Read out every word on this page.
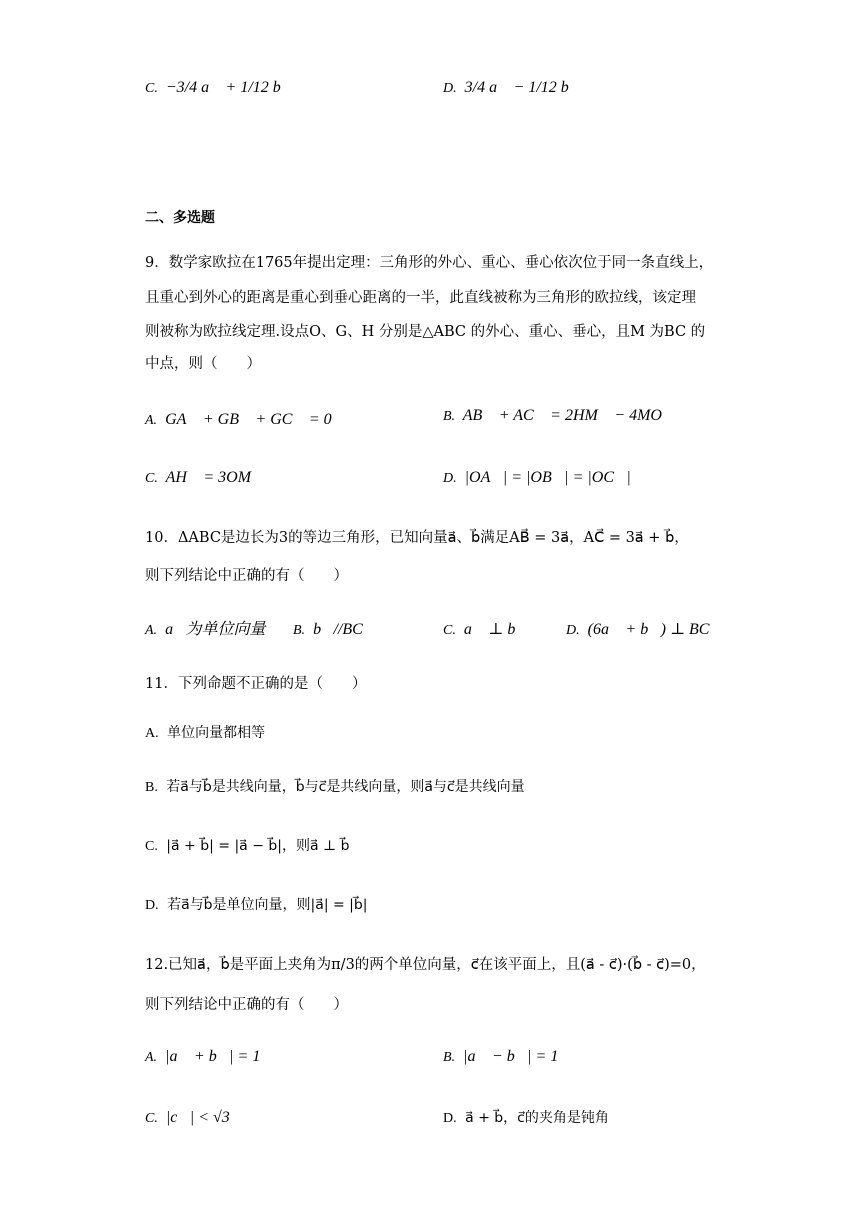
C. −3/4 a⃗ + 1/12 b⃗	D. 3/4 a⃗ − 1/12 b⃗
二、多选题
9．数学家欧拉在1765年提出定理：三角形的外心、重心、垂心依次位于同一条直线上，
且重心到外心的距离是重心到垂心距离的一半，此直线被称为三角形的欧拉线，该定理
则被称为欧拉线定理.设点O、G、H 分别是△ABC 的外心、重心、垂心，且M 为BC 的
中点，则（　　）
A. GA⃗ + GB⃗ + GC⃗ = 0⃗	B. AB⃗ + AC⃗ = 2HM⃗ − 4MO⃗
C. AH⃗ = 3OM⃗	D. |OA⃗| = |OB⃗| = |OC⃗|
10．ΔABC是边长为3的等边三角形，已知向量a⃗、b⃗满足AB⃗ = 3a⃗，AC⃗ = 3a⃗ + b⃗，
则下列结论中正确的有（　　）
A. a⃗为单位向量 B. b⃗//BC⃗	C. a⃗ ⊥ b⃗	D. (6a⃗ + b⃗) ⊥ BC⃗
11．下列命题不正确的是（　　）
A. 单位向量都相等
B. 若a⃗与b⃗是共线向量，b⃗与c⃗是共线向量，则a⃗与c⃗是共线向量
C. |a⃗ + b⃗| = |a⃗ − b⃗|，则a⃗ ⊥ b⃗
D. 若a⃗与b⃗是单位向量，则|a⃗| = |b⃗|
12.已知a⃗，b⃗是平面上夹角为π/3的两个单位向量，c⃗在该平面上，且(a⃗ - c⃗)·(b⃗ - c⃗)=0，
则下列结论中正确的有（　　）
A. |a⃗ + b⃗| = 1	B. |a⃗ − b⃗| = 1
C. |c⃗| < √3	D. a⃗ + b⃗，c⃗的夹角是钝角
